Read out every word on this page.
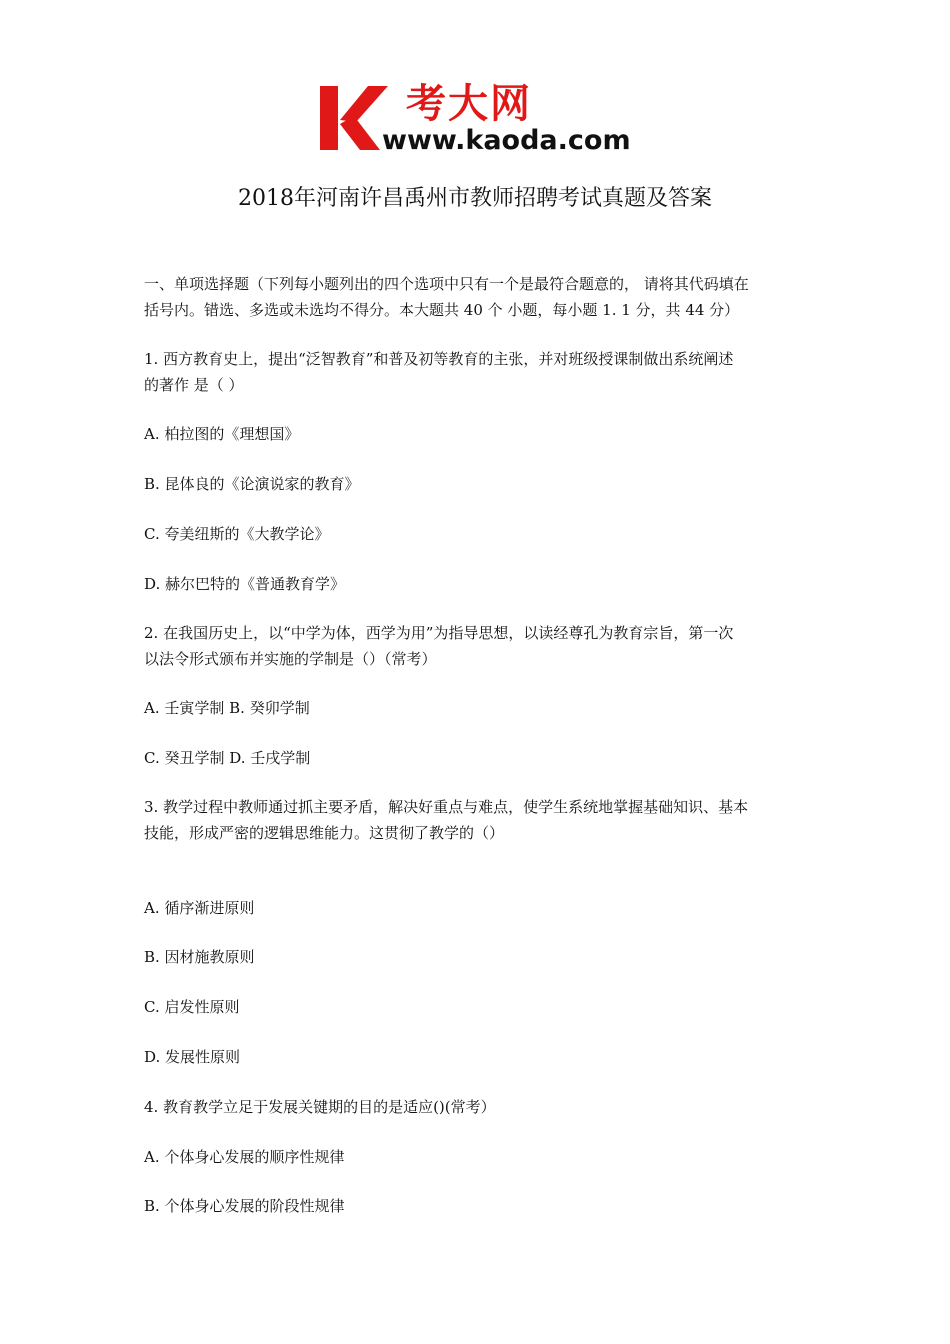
考大网
www.kaoda.com
2018年河南许昌禹州市教师招聘考试真题及答案
一、单项选择题（下列每小题列出的四个选项中只有一个是最符合题意的， 请将其代码填在
括号内。错选、多选或未选均不得分。本大题共 40 个 小题，每小题 1. 1 分，共 44 分）
1. 西方教育史上，提出“泛智教育”和普及初等教育的主张，并对班级授课制做出系统阐述
的著作 是（ ）
A. 柏拉图的《理想国》
B. 昆体良的《论演说家的教育》
C. 夸美纽斯的《大教学论》
D. 赫尔巴特的《普通教育学》
2. 在我国历史上，以“中学为体，西学为用”为指导思想，以读经尊孔为教育宗旨，第一次
以法令形式颁布并实施的学制是（）（常考）
A. 壬寅学制 B. 癸卯学制
C. 癸丑学制 D. 壬戌学制
3. 教学过程中教师通过抓主要矛盾，解决好重点与难点，使学生系统地掌握基础知识、基本
技能，形成严密的逻辑思维能力。这贯彻了教学的（）
A. 循序渐进原则
B. 因材施教原则
C. 启发性原则
D. 发展性原则
4. 教育教学立足于发展关键期的目的是适应()(常考）
A. 个体身心发展的顺序性规律
B. 个体身心发展的阶段性规律
